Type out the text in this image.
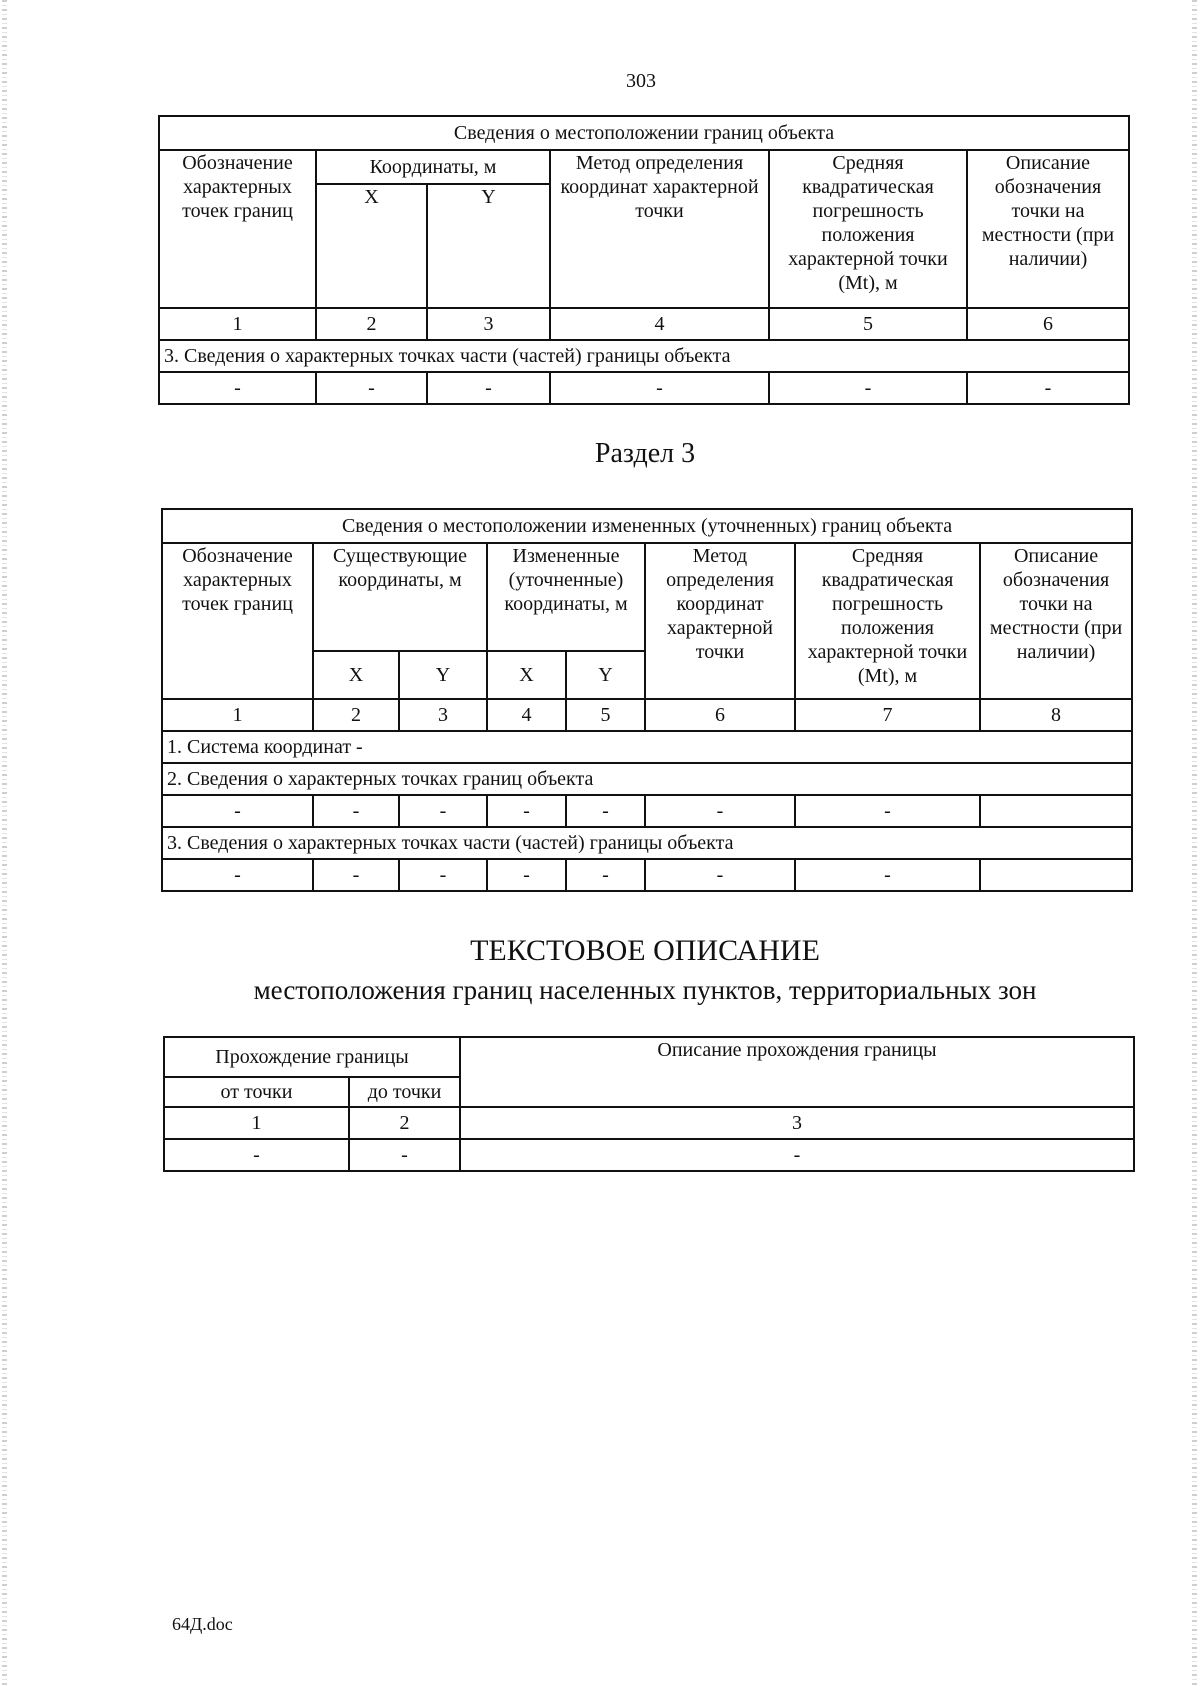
303
Сведения о местоположении границ объекта					
Обозначение характерных точек границ	Координаты, м		Метод определения координат характерной точки	Средняя квадратическая погрешность положения характерной точки (Mt), м	Описание обозначения точки на местности (при наличии)
	X	Y			
1	2	3	4	5	6
3. Сведения о характерных точках части (частей) границы объекта					
-	-	-	-	-	-
Раздел 3
Сведения о местоположении измененных (уточненных) границ объекта							
Обозначение характерных точек границ	Существующие координаты, м		Измененные (уточненные) координаты, м		Метод определения координат характерной точки	Средняя квадратическая погрешность положения характерной точки (Mt), м	Описание обозначения точки на местности (при наличии)
	X	Y	X	Y			
1	2	3	4	5	6	7	8
1. Система координат -							
2. Сведения о характерных точках границ объекта							
-	-	-	-	-	-	-	
3. Сведения о характерных точках части (частей) границы объекта							
-	-	-	-	-	-	-	
ТЕКСТОВОЕ ОПИСАНИЕ
местоположения границ населенных пунктов, территориальных зон
Прохождение границы		Описание прохождения границы
от точки	до точки	
1	2	3
-	-	-
64Д.doc
